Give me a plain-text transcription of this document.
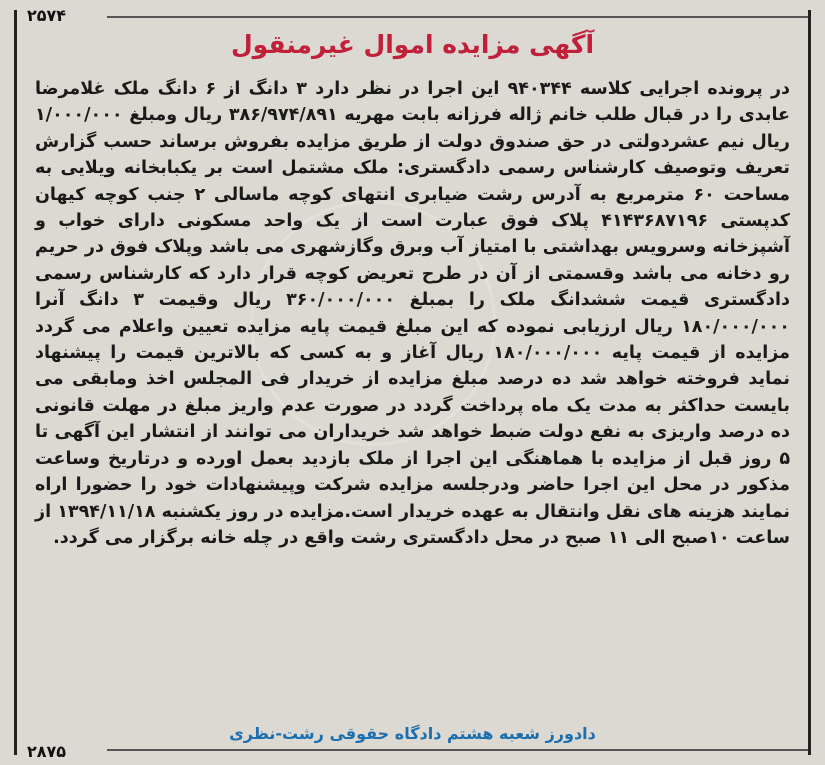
۲۵۷۴
آگهی مزایده اموال غیرمنقول
در پرونده اجرایی کلاسه ۹۴۰۳۴۴ این اجرا در نظر دارد ۳ دانگ از ۶ دانگ ملک غلامرضا عابدی را در قبال طلب خانم ژاله فرزانه بابت مهریه ۳۸۶/۹۷۴/۸۹۱ ریال ومبلغ ۱/۰۰۰/۰۰۰ ریال نیم عشردولتی در حق صندوق دولت از طریق مزایده بفروش برساند حسب گزارش تعریف وتوصیف کارشناس رسمی دادگستری: ملک مشتمل است بر یکبابخانه ویلایی به مساحت ۶۰ مترمربع به آدرس رشت ضیابری انتهای کوچه ماسالی ۲ جنب کوچه کیهان کدپستی ۴۱۴۳۶۸۷۱۹۶ پلاک فوق عبارت است از یک واحد مسکونی دارای خواب و آشپزخانه وسرویس بهداشتی با امتیاز آب وبرق وگازشهری می باشد وپلاک فوق در حریم رو دخانه می باشد وقسمتی از آن در طرح تعریض کوچه قرار دارد که کارشناس رسمی دادگستری قیمت ششدانگ ملک را بمبلغ ۳۶۰/۰۰۰/۰۰۰ ریال وقیمت ۳ دانگ آنرا ۱۸۰/۰۰۰/۰۰۰ ریال ارزیابی نموده که این مبلغ قیمت پایه مزایده تعیین واعلام می گردد مزایده از قیمت پایه ۱۸۰/۰۰۰/۰۰۰ ریال آغاز و به کسی که بالاترین قیمت را پیشنهاد نماید فروخته خواهد شد ده درصد مبلغ مزایده از خریدار فی المجلس اخذ ومابقی می بایست حداکثر به مدت یک ماه پرداخت گردد در صورت عدم واریز مبلغ در مهلت قانونی ده درصد واریزی به نفع دولت ضبط خواهد شد خریداران می توانند از انتشار این آگهی تا ۵ روز قبل از مزایده با هماهنگی این اجرا از ملک بازدید بعمل اورده و درتاریخ وساعت مذکور در محل این اجرا حاضر ودرجلسه مزایده شرکت وپیشنهادات خود را حضورا اراه نمایند هزینه های نقل وانتقال به عهده خریدار است.مزایده در روز یکشنبه ۱۳۹۴/۱۱/۱۸ از ساعت ۱۰صبح الی ۱۱ صبح در محل دادگستری رشت واقع در چله خانه برگزار می گردد.
دادورز شعبه هشتم دادگاه حقوقی رشت-نظری
۲۸۷۵
